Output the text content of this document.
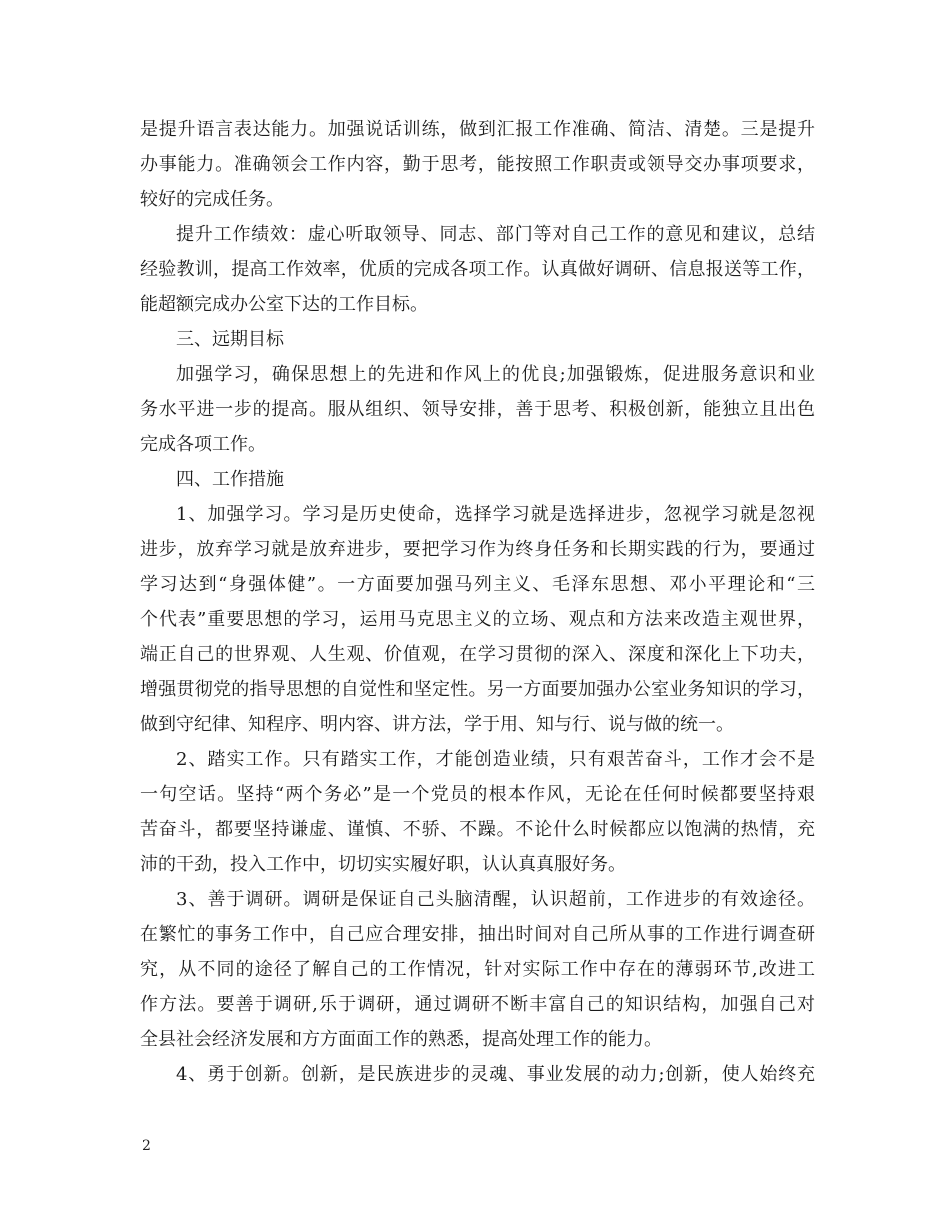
是提升语言表达能力。加强说话训练，做到汇报工作准确、简洁、清楚。三是提升
办事能力。准确领会工作内容，勤于思考，能按照工作职责或领导交办事项要求，
较好的完成任务。
提升工作绩效：虚心听取领导、同志、部门等对自己工作的意见和建议，总结
经验教训，提高工作效率，优质的完成各项工作。认真做好调研、信息报送等工作，
能超额完成办公室下达的工作目标。
三、远期目标
加强学习，确保思想上的先进和作风上的优良;加强锻炼，促进服务意识和业
务水平进一步的提高。服从组织、领导安排，善于思考、积极创新，能独立且出色
完成各项工作。
四、工作措施
1、加强学习。学习是历史使命，选择学习就是选择进步，忽视学习就是忽视
进步，放弃学习就是放弃进步，要把学习作为终身任务和长期实践的行为，要通过
学习达到“身强体健”。一方面要加强马列主义、毛泽东思想、邓小平理论和“三
个代表”重要思想的学习，运用马克思主义的立场、观点和方法来改造主观世界，
端正自己的世界观、人生观、价值观，在学习贯彻的深入、深度和深化上下功夫，
增强贯彻党的指导思想的自觉性和坚定性。另一方面要加强办公室业务知识的学习，
做到守纪律、知程序、明内容、讲方法，学于用、知与行、说与做的统一。
2、踏实工作。只有踏实工作，才能创造业绩，只有艰苦奋斗，工作才会不是
一句空话。坚持“两个务必”是一个党员的根本作风，无论在任何时候都要坚持艰
苦奋斗，都要坚持谦虚、谨慎、不骄、不躁。不论什么时候都应以饱满的热情，充
沛的干劲，投入工作中，切切实实履好职，认认真真服好务。
3、善于调研。调研是保证自己头脑清醒，认识超前，工作进步的有效途径。
在繁忙的事务工作中，自己应合理安排，抽出时间对自己所从事的工作进行调查研
究，从不同的途径了解自己的工作情况，针对实际工作中存在的薄弱环节,改进工
作方法。要善于调研,乐于调研，通过调研不断丰富自己的知识结构，加强自己对
全县社会经济发展和方方面面工作的熟悉，提高处理工作的能力。
4、勇于创新。创新，是民族进步的灵魂、事业发展的动力;创新，使人始终充
2
